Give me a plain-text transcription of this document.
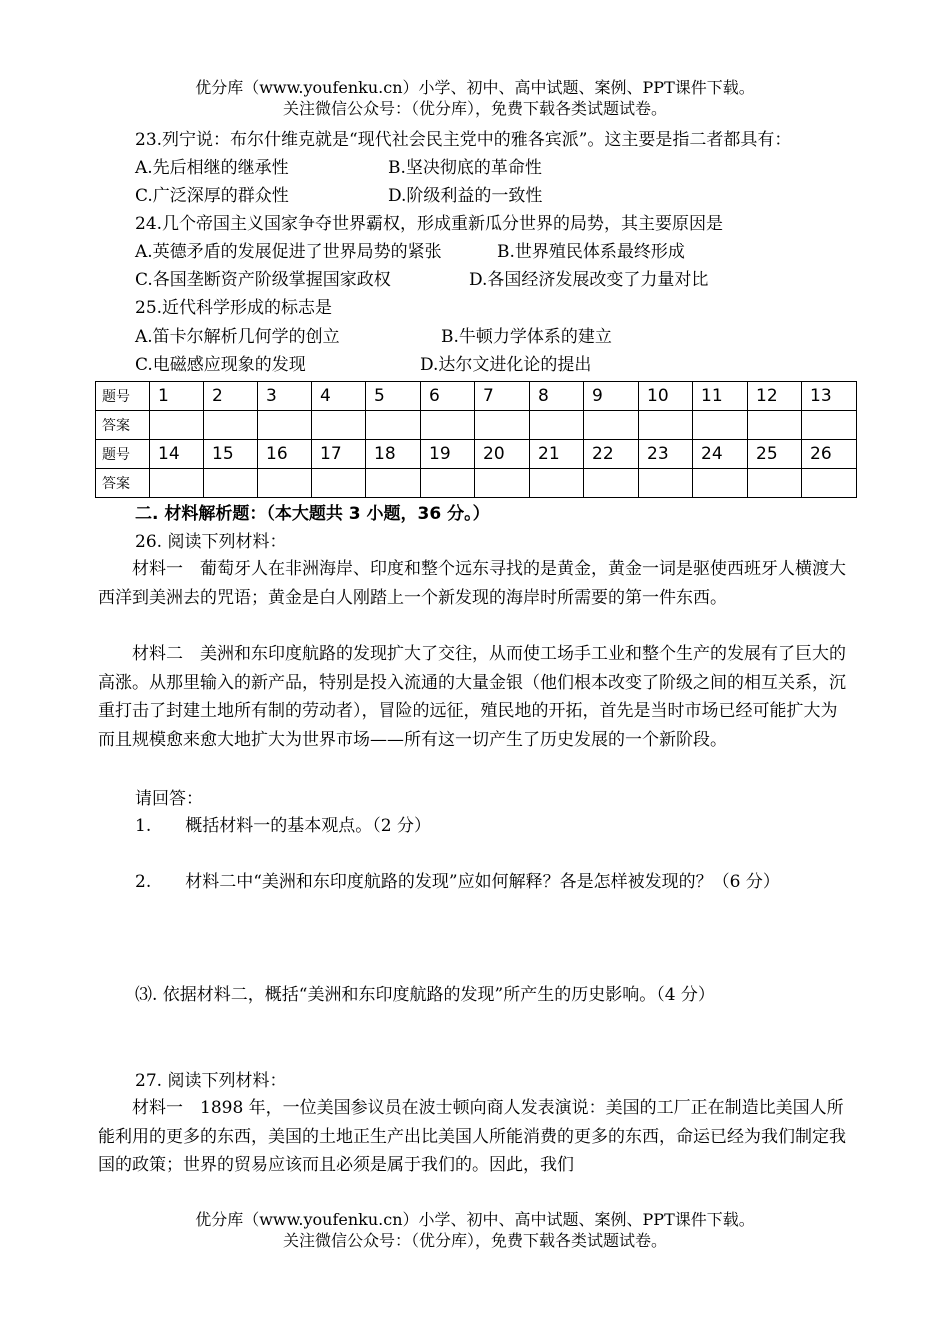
优分库（www.youfenku.cn）小学、初中、高中试题、案例、PPT课件下载。
关注微信公众号：（优分库），免费下载各类试题试卷。
23.列宁说：布尔什维克就是“现代社会民主党中的雅各宾派”。这主要是指二者都具有：
A.先后相继的继承性	B.坚决彻底的革命性
C.广泛深厚的群众性	D.阶级利益的一致性
24.几个帝国主义国家争夺世界霸权，形成重新瓜分世界的局势，其主要原因是
A.英德矛盾的发展促进了世界局势的紧张	B.世界殖民体系最终形成
C.各国垄断资产阶级掌握国家政权	D.各国经济发展改变了力量对比
25.近代科学形成的标志是
A.笛卡尔解析几何学的创立	B.牛顿力学体系的建立
C.电磁感应现象的发现	D.达尔文进化论的提出
题号	1	2	3	4	5	6	7	8	9	10	11	12	13
答案													
题号	14	15	16	17	18	19	20	21	22	23	24	25	26
答案													
二. 材料解析题：（本大题共 3 小题，36 分。）
26. 阅读下列材料：
材料一　葡萄牙人在非洲海岸、印度和整个远东寻找的是黄金，黄金一词是驱使西班牙人横渡大西洋到美洲去的咒语；黄金是白人刚踏上一个新发现的海岸时所需要的第一件东西。
材料二　美洲和东印度航路的发现扩大了交往，从而使工场手工业和整个生产的发展有了巨大的高涨。从那里输入的新产品，特别是投入流通的大量金银（他们根本改变了阶级之间的相互关系，沉重打击了封建土地所有制的劳动者），冒险的远征，殖民地的开拓，首先是当时市场已经可能扩大为而且规模愈来愈大地扩大为世界市场——所有这一切产生了历史发展的一个新阶段。
请回答：
1.　　概括材料一的基本观点。（2 分）
2.　　材料二中“美洲和东印度航路的发现”应如何解释？各是怎样被发现的？（6 分）
⑶. 依据材料二，概括“美洲和东印度航路的发现”所产生的历史影响。（4 分）
27. 阅读下列材料：
材料一　1898 年，一位美国参议员在波士顿向商人发表演说：美国的工厂正在制造比美国人所能利用的更多的东西，美国的土地正生产出比美国人所能消费的更多的东西，命运已经为我们制定我国的政策；世界的贸易应该而且必须是属于我们的。因此，我们
优分库（www.youfenku.cn）小学、初中、高中试题、案例、PPT课件下载。
关注微信公众号：（优分库），免费下载各类试题试卷。
